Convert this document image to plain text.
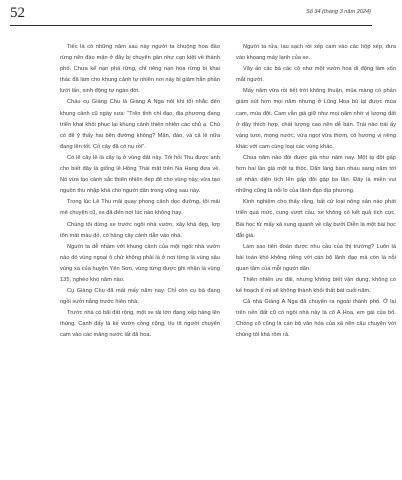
52	Số 34 (tháng 3 năm 2024)

Tiếc là có những năm sau này người ta chuộng hoa đào rừng nên đào mận ở đây bị chuyển gần như cạn kiệt về thành phố. Chưa kể nạn phá rừng, chỉ riêng nạn hoa rừng bị khai thác đã làm cho khung cảnh tự nhiên nơi này bị giảm hẳn phần lưới lấn, sinh động tự ngàn đời.

Cháu cụ Giàng Chu là Giàng A Nga nói khi tôi nhắc đến khung cảnh cũ ngày xưa: "Trên tỉnh chỉ đạo, địa phương đang triển khai khôi phục lại khung cảnh thiên nhiên các chủ ạ. Chú có để ý thấy hai bên đường không? Mận, đào, và cả lê nữa đang lên tốt. Cỏ cây đã có nụ rồi".

Có lẽ cây lê là cây lạ ở vùng đất này. Tôi hỏi Thu được anh cho biết đây là giống lê Hồng Thái mặt trên Na Hang đưa về. Nó vừa tạo cảnh sắc thiên nhiên đẹp đẽ cho vùng này, vừa tạo nguồn thu nhập khá cho người dân trong vùng sau này.

Trong lúc Lê Thu mải quay phong cảnh dọc đường, tôi mải mê chuyện cũ, xe đã đến nơi lúc nào không hay.

Chúng tôi dừng xe trước ngôi nhà vườn, xây khá đẹp, lợp tôn mát màu đỏ, có hàng cây cảnh dẫn vào nhà.

Người ta dễ nhầm với khung cảnh của một ngôi nhà vườn nào đó vùng ngoại ô chứ không phải là ở nơi từng là vùng sâu vùng xa của huyện Yên Sơn, vùng từng được ghi nhận là vùng 135, nghèo khó năm nào.

Cụ Giàng Chu đã mất mấy năm nay. Chỉ còn cụ bà đang ngồi sưởi nắng trước hiên nhà.

Trước nhà có bãi đất rộng, một xe tải lớn đang xếp hàng lên thùng. Cạnh đấy là kế vườn cồng cộng, tìu tít người chuyển cam vào các mảng nước lất đã hoa.

Người ta rửa, lau sạch rồi xếp cam vào các hộp xếp, đưa vào khoang máy lạnh của xe.

Vây ấo các bà các cô như một vườn hoa di động làm xốn mắt người.

Mấy năm vừa rồi tiết trời không thuận, mùa màng có phần giảm sút hơn mọi năm nhưng ở Lũng Hoa bù lại được mùa cam, mùa đột. Cam vẫn giá giữ như mọi năm nhờ vị lượng đất ở đây thích hợp, chất lượng cao nên dễ bán. Trái nào trái ấy vàng tươi, mọng nước, vừa ngọt vừa thơm, có hương vị riêng khác với cam cùng loại các vùng khác.

Chúa năm nào đói được giá như năm nay. Một tạ đột gấp hơn hai lần giá một tạ thóc. Dân làng bàn nhau sang năm tới sẽ nhân diện tích lên gấp đôi gấp ba lần. Đây là miền vui những cũng là nỗi lo của lãnh đạo địa phương.

Kinh nghiệm cho thấy rằng, bất cứ loại nông sản nào phát triển quá mức, cung vượt cầu, xe không có kết quả tích cực. Bài học từ mấy xã xung quanh về cây bưởi Diễn là một bài học đắt giá.

Làm sao tiên đoán được nhu cầu của thị trường? Luôn là bài toán khó không riêng với cán bộ lãnh đạo mà còn là nỗi quan tâm của mỗi người dân.

Thiên nhiên ưu đãi, nhưng không biết vận dụng, không có kế hoạch tỉ mỉ sẽ không thành khối thất bát cuối năm.

Cả nhà Giàng A Nga đã chuyển ra ngoài thành phố. Ở lại trên nền đất cũ có ngôi nhà này là cô A Hoa, em gái của bố. Chồng cô cũng là cán bộ văn hóa của xã nên câu chuyện với chúng tôi khá rôm rả.
